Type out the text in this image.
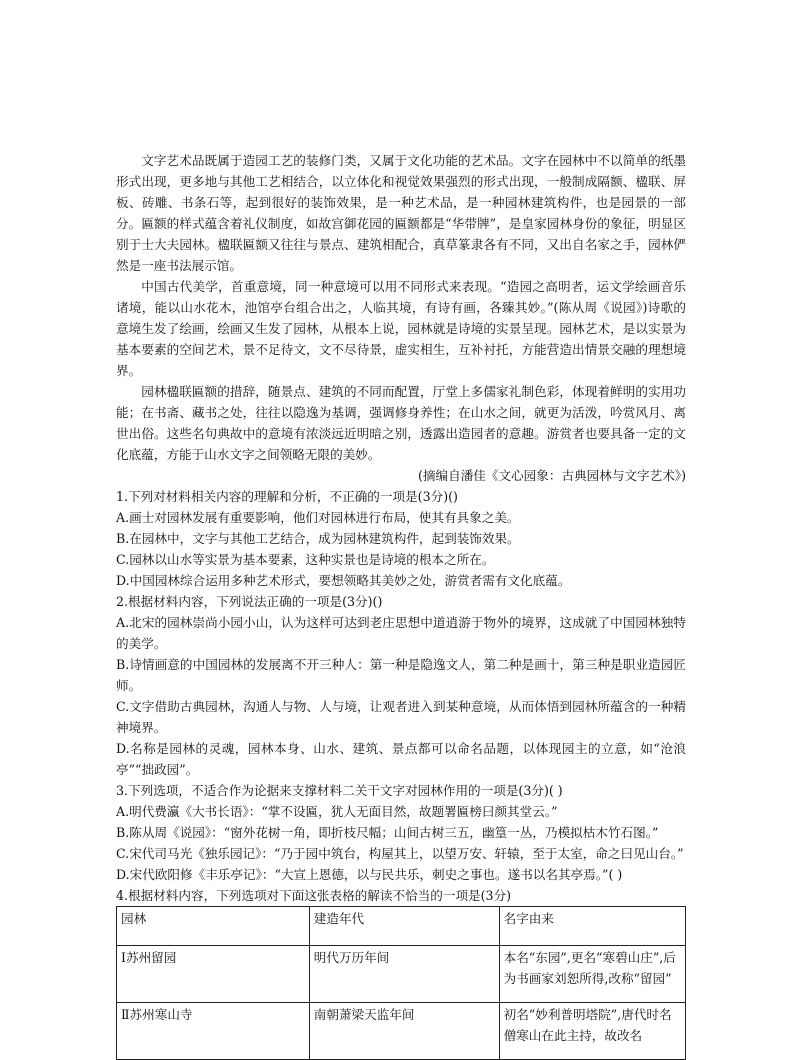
文字艺术品既属于造园工艺的装修门类，又属于文化功能的艺术品。文字在园林中不以简单的纸墨形式出现，更多地与其他工艺相结合，以立体化和视觉效果强烈的形式出现，一般制成隔额、楹联、屏板、砖雕、书条石等，起到很好的装饰效果，是一种艺术品，是一种园林建筑构件，也是园景的一部分。匾额的样式蕴含着礼仪制度，如故宫御花园的匾额都是“华带牌”，是皇家园林身份的象征，明显区别于士大夫园林。楹联匾额又往往与景点、建筑相配合，真草篆隶各有不同，又出自名家之手，园林俨然是一座书法展示馆。

中国古代美学，首重意境，同一种意境可以用不同形式来表现。“造园之高明者，运文学绘画音乐诸境，能以山水花木，池馆亭台组合出之，人临其境，有诗有画，各臻其妙。”(陈从周《说园》)诗歌的意境生发了绘画，绘画又生发了园林，从根本上说，园林就是诗境的实景呈现。园林艺术，是以实景为基本要素的空间艺术，景不足待文，文不尽待景，虚实相生，互补衬托，方能营造出情景交融的理想境界。

园林楹联匾额的措辞，随景点、建筑的不同而配置，厅堂上多儒家礼制色彩，体现着鲜明的实用功能；在书斋、藏书之处，往往以隐逸为基调，强调修身养性；在山水之间，就更为活泼，吟赏风月、离世出俗。这些名句典故中的意境有浓淡远近明暗之别，透露出造园者的意趣。游赏者也要具备一定的文化底蕴，方能于山水文字之间领略无限的美妙。

(摘编自潘佳《文心园象：古典园林与文字艺术》)

1.下列对材料相关内容的理解和分析，不正确的一项是(3分)()

A.画士对园林发展有重要影响，他们对园林进行布局，使其有具象之美。

B.在园林中，文字与其他工艺结合，成为园林建筑构件，起到装饰效果。

C.园林以山水等实景为基本要素，这种实景也是诗境的根本之所在。

D.中国园林综合运用多种艺术形式，要想领略其美妙之处，游赏者需有文化底蕴。

2.根据材料内容，下列说法正确的一项是(3分)()

A.北宋的园林崇尚小园小山，认为这样可达到老庄思想中道逍游于物外的境界，这成就了中国园林独特的美学。

B.诗情画意的中国园林的发展离不开三种人：第一种是隐逸文人，第二种是画十，第三种是职业造园匠师。

C.文字借助古典园林，沟通人与物、人与境，让观者进入到某种意境，从而体悟到园林所蕴含的一种精神境界。

D.名称是园林的灵魂，园林本身、山水、建筑、景点都可以命名品题，以体现园主的立意，如“沧浪亭”“拙政园”。

3.下列选项，不适合作为论据来支撑材料二关干文字对园林作用的一项是(3分)( )

A.明代费瀛《大书长语》：“掌不设匾，犹人无面目然，故题署匾榜曰颜其堂云。”

B.陈从周《说园》：“窗外花树一角，即折枝尺幅；山间古树三五，幽篁一丛，乃模拟枯木竹石图。”

C.宋代司马光《独乐园记》：“乃于园中筑台，构屋其上，以望万安、轩辕，至于太室，命之曰见山台。”

D.宋代欧阳修《丰乐亭记》：“大宣上恩德，以与民共乐，刺史之事也。遂书以名其亭焉。”( )

4.根据材料内容，下列选项对下面这张表格的解读不恰当的一项是(3分)

园林	建造年代	名字由来
Ⅰ苏州留园	明代万历年间	本名“东园”,更名“寒碧山庄”,后为书画家刘恕所得,改称“留园”
Ⅱ苏州寒山寺	南朝萧梁天监年间	初名“妙利普明塔院”,唐代时名僧寒山在此主持，故改名
